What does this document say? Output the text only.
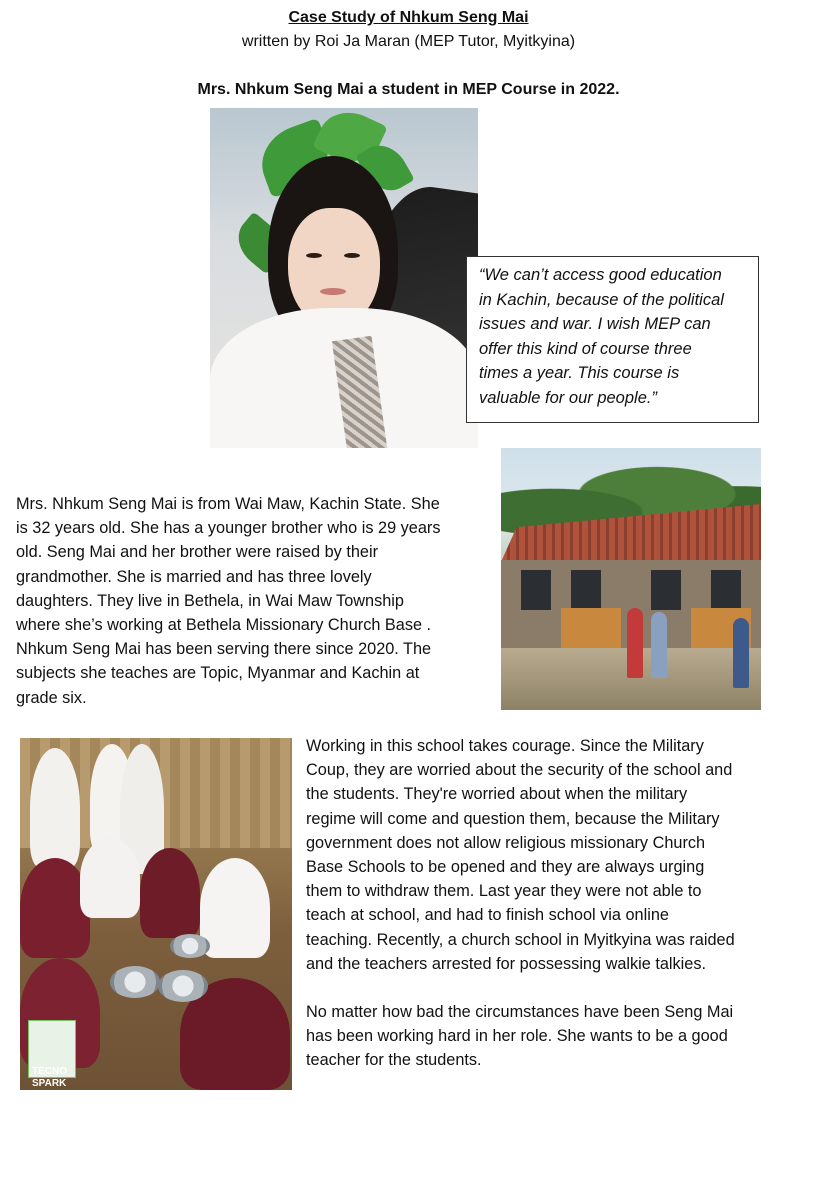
Case Study of Nhkum Seng Mai
written by Roi Ja Maran (MEP Tutor, Myitkyina)
Mrs. Nhkum Seng Mai a student in MEP Course in 2022.

“We can’t access good education
in Kachin, because of the political
issues and war. I wish MEP can
offer this kind of course three
times a year. This course is
valuable for our people.”

Mrs. Nhkum Seng Mai is from Wai Maw, Kachin State. She
is 32 years old. She has a younger brother who is 29 years
old. Seng Mai and her brother were raised by their
grandmother. She is married and has three lovely
daughters. They live in Bethela, in Wai Maw Township
where she’s working at Bethela Missionary Church Base .
Nhkum Seng Mai has been serving there since 2020. The
subjects she teaches are Topic, Myanmar and Kachin at
grade six.

TECNO
SPARK

Working in this school takes courage. Since the Military
Coup, they are worried about the security of the school and
the students. They're worried about when the military
regime will come and question them, because the Military
government does not allow religious missionary Church
Base Schools to be opened and they are always urging
them to withdraw them. Last year they were not able to
teach at school, and had to finish school via online
teaching. Recently, a church school in Myitkyina was raided
and the teachers arrested for possessing walkie talkies.

No matter how bad the circumstances have been Seng Mai
has been working hard in her role. She wants to be a good
teacher for the students.
